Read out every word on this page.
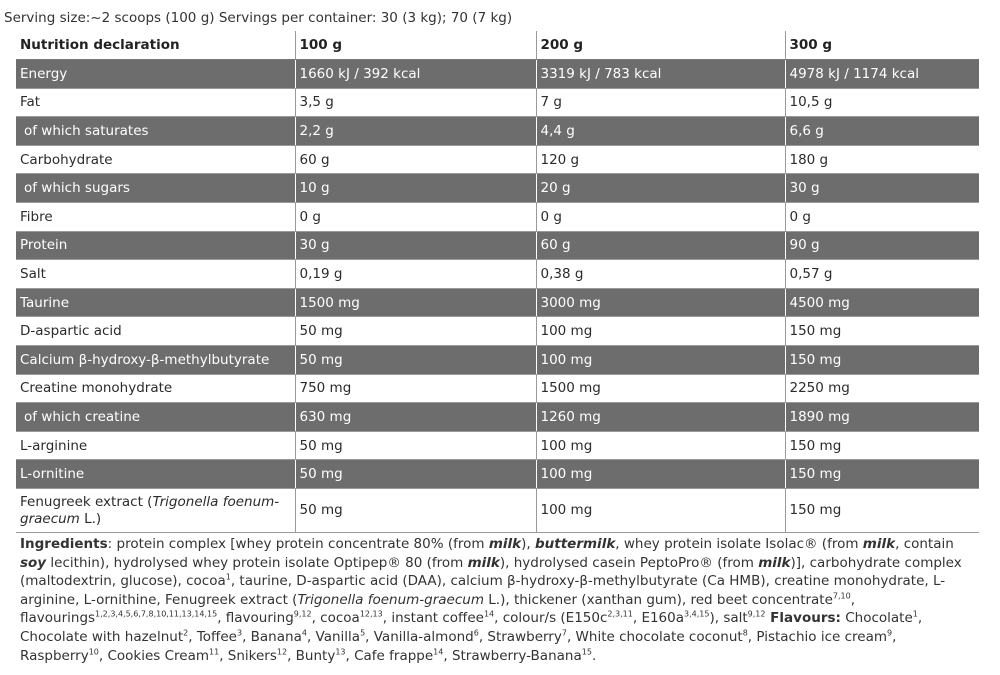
Serving size:~2 scoops (100 g) Servings per container: 30 (3 kg); 70 (7 kg)
Nutrition declaration	100 g	200 g	300 g
Energy	1660 kJ / 392 kcal	3319 kJ / 783 kcal	4978 kJ / 1174 kcal
Fat	3,5 g	7 g	10,5 g
of which saturates	2,2 g	4,4 g	6,6 g
Carbohydrate	60 g	120 g	180 g
of which sugars	10 g	20 g	30 g
Fibre	0 g	0 g	0 g
Protein	30 g	60 g	90 g
Salt	0,19 g	0,38 g	0,57 g
Taurine	1500 mg	3000 mg	4500 mg
D-aspartic acid	50 mg	100 mg	150 mg
Calcium β-hydroxy-β-methylbutyrate	50 mg	100 mg	150 mg
Creatine monohydrate	750 mg	1500 mg	2250 mg
of which creatine	630 mg	1260 mg	1890 mg
L-arginine	50 mg	100 mg	150 mg
L-ornitine	50 mg	100 mg	150 mg
Fenugreek extract (Trigonella foenum-graecum L.)	50 mg	100 mg	150 mg
Ingredients: protein complex [whey protein concentrate 80% (from milk), buttermilk, whey protein isolate Isolac® (from milk, contain soy lecithin), hydrolysed whey protein isolate Optipep® 80 (from milk), hydrolysed casein PeptoPro® (from milk)], carbohydrate complex (maltodextrin, glucose), cocoa$^1$, taurine, D-aspartic acid (DAA), calcium β-hydroxy-β-methylbutyrate (Ca HMB), creatine monohydrate, L-arginine, L-ornithine, Fenugreek extract (Trigonella foenum-graecum L.), thickener (xanthan gum), red beet concentrate$^{7,10}$, flavourings$^{1,2,3,4,5,6,7,8,10,11,13,14,15}$, flavouring$^{9,12}$, cocoa$^{12,13}$, instant coffee$^{14}$, colour/s ($E150c^{2,3,11}$, $E160a^{3,4,15}$), salt$^{9,12}$ Flavours: Chocolate$^1$, Chocolate with hazelnut$^2$, Toffee$^3$, Banana$^4$, Vanilla$^5$, Vanilla-almond$^6$, Strawberry$^7$, White chocolate coconut$^8$, Pistachio ice cream$^9$, Raspberry$^{10}$, Cookies Cream$^{11}$, Snikers$^{12}$, Bunty$^{13}$, Cafe frappe$^{14}$, Strawberry-Banana$^{15}$.
